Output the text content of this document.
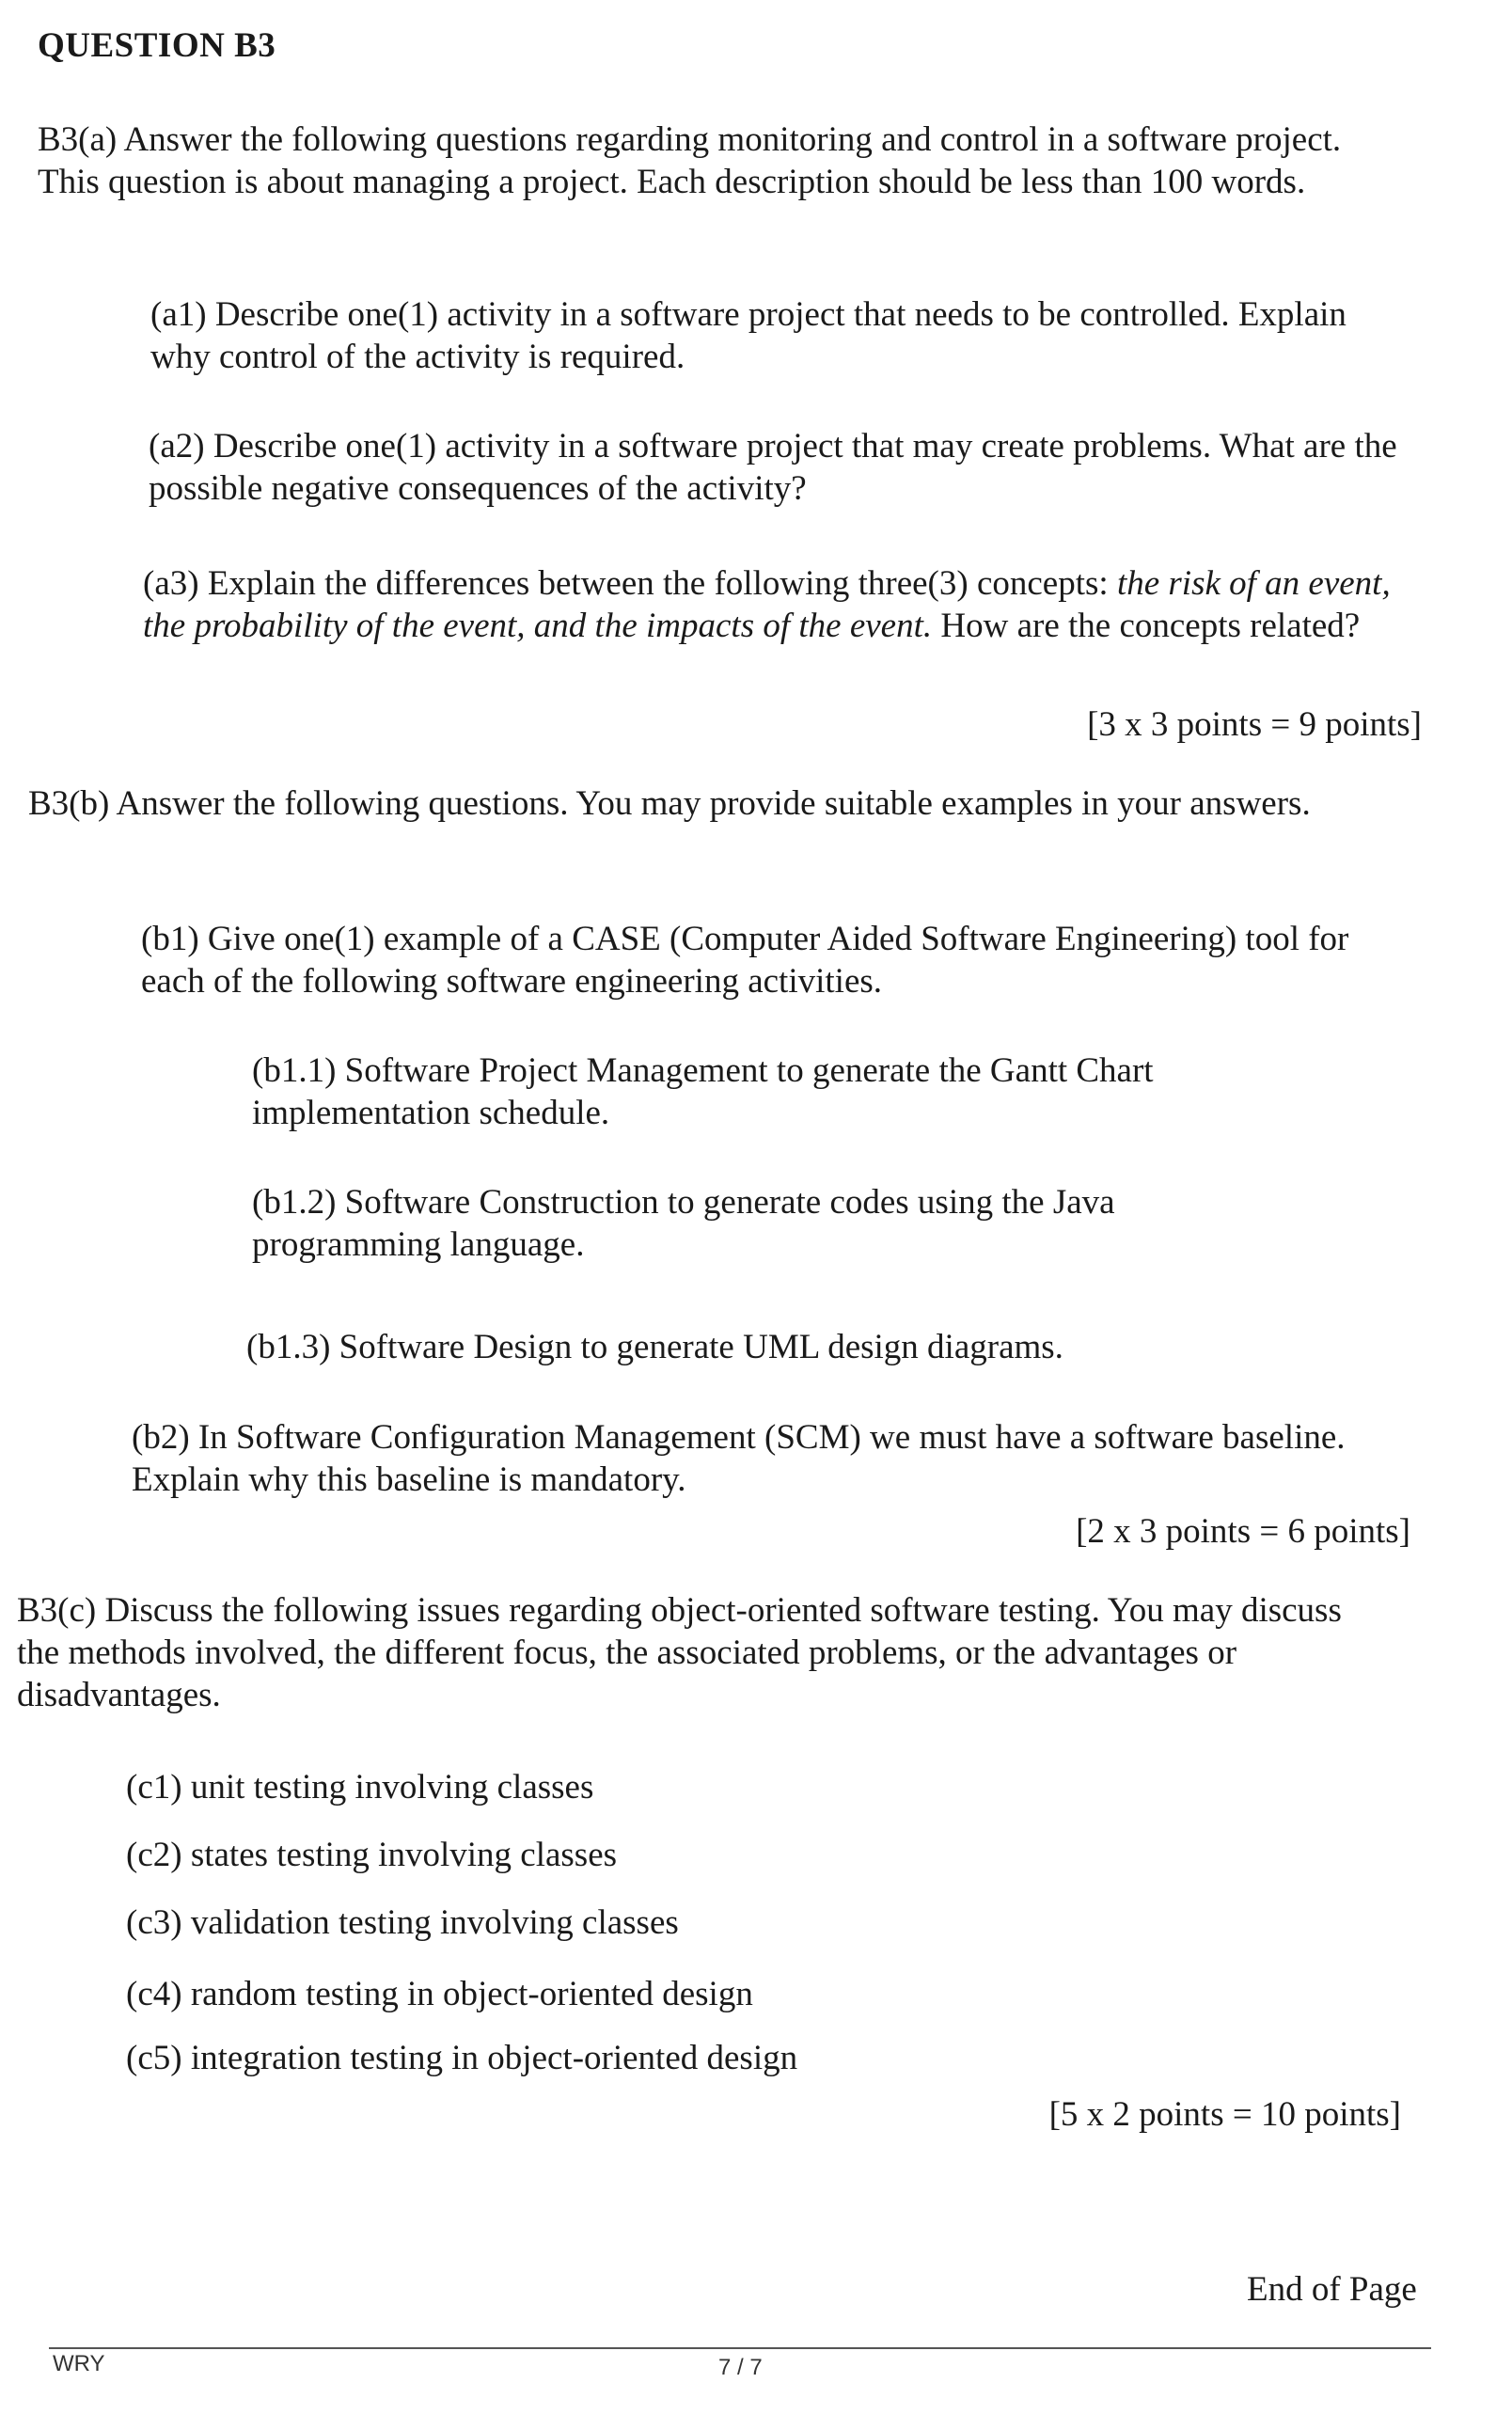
QUESTION B3

B3(a) Answer the following questions regarding monitoring and control in a software project. This question is about managing a project. Each description should be less than 100 words.

(a1) Describe one(1) activity in a software project that needs to be controlled. Explain why control of the activity is required.

(a2) Describe one(1) activity in a software project that may create problems. What are the possible negative consequences of the activity?

(a3) Explain the differences between the following three(3) concepts: the risk of an event, the probability of the event, and the impacts of the event. How are the concepts related?

[3 x 3 points = 9 points]

B3(b) Answer the following questions. You may provide suitable examples in your answers.

(b1) Give one(1) example of a CASE (Computer Aided Software Engineering) tool for each of the following software engineering activities.

(b1.1) Software Project Management to generate the Gantt Chart implementation schedule.

(b1.2) Software Construction to generate codes using the Java programming language.

(b1.3) Software Design to generate UML design diagrams.

(b2) In Software Configuration Management (SCM) we must have a software baseline. Explain why this baseline is mandatory.

[2 x 3 points = 6 points]

B3(c) Discuss the following issues regarding object-oriented software testing. You may discuss the methods involved, the different focus, the associated problems, or the advantages or disadvantages.

(c1) unit testing involving classes

(c2) states testing involving classes

(c3) validation testing involving classes

(c4) random testing in object-oriented design

(c5) integration testing in object-oriented design

[5 x 2 points = 10 points]
End of Page
WRY	7 / 7
